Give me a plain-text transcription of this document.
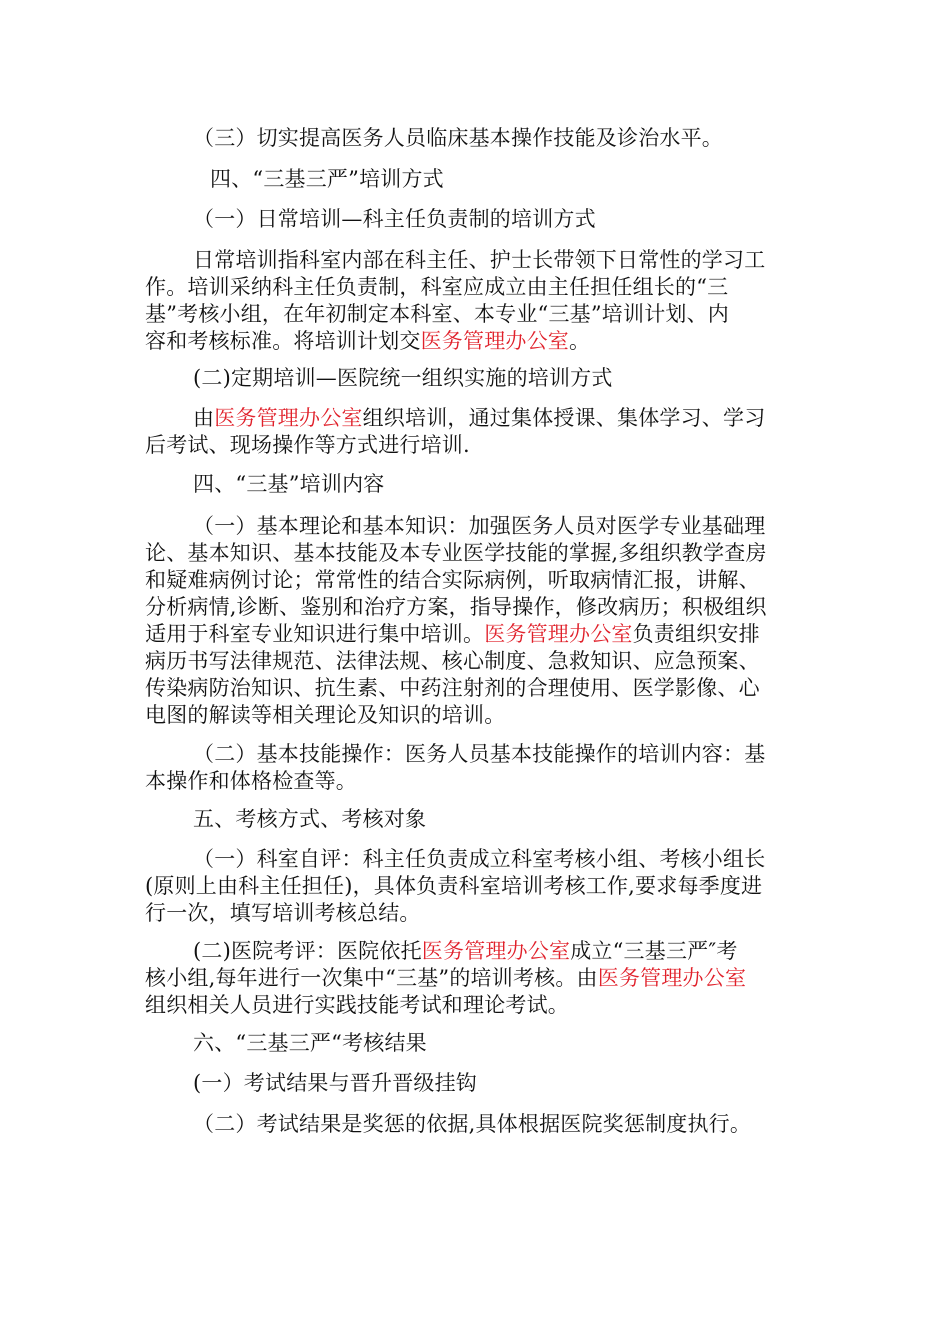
（三）切实提高医务人员临床基本操作技能及诊治水平。
四、“三基三严”培训方式
（一）日常培训—科主任负责制的培训方式
日常培训指科室内部在科主任、护士长带领下日常性的学习工
作。培训采纳科主任负责制，科室应成立由主任担任组长的“三
基”考核小组，在年初制定本科室、本专业“三基”培训计划、内
容和考核标准。将培训计划交医务管理办公室。
(二)定期培训—医院统一组织实施的培训方式
由医务管理办公室组织培训，通过集体授课、集体学习、学习
后考试、现场操作等方式进行培训.
四、“三基”培训内容
（一）基本理论和基本知识：加强医务人员对医学专业基础理
论、基本知识、基本技能及本专业医学技能的掌握,多组织教学查房
和疑难病例讨论；常常性的结合实际病例，听取病情汇报，讲解、
分析病情,诊断、鉴别和治疗方案，指导操作，修改病历；积极组织
适用于科室专业知识进行集中培训。医务管理办公室负责组织安排
病历书写法律规范、法律法规、核心制度、急救知识、应急预案、
传染病防治知识、抗生素、中药注射剂的合理使用、医学影像、心
电图的解读等相关理论及知识的培训。
（二）基本技能操作：医务人员基本技能操作的培训内容：基
本操作和体格检查等。
五、考核方式、考核对象
（一）科室自评：科主任负责成立科室考核小组、考核小组长
(原则上由科主任担任)，具体负责科室培训考核工作,要求每季度进
行一次，填写培训考核总结。
(二)医院考评：医院依托医务管理办公室成立“三基三严″考
核小组,每年进行一次集中“三基”的培训考核。由医务管理办公室
组织相关人员进行实践技能考试和理论考试。
六、“三基三严“考核结果
(一）考试结果与晋升晋级挂钩
（二）考试结果是奖惩的依据,具体根据医院奖惩制度执行。
